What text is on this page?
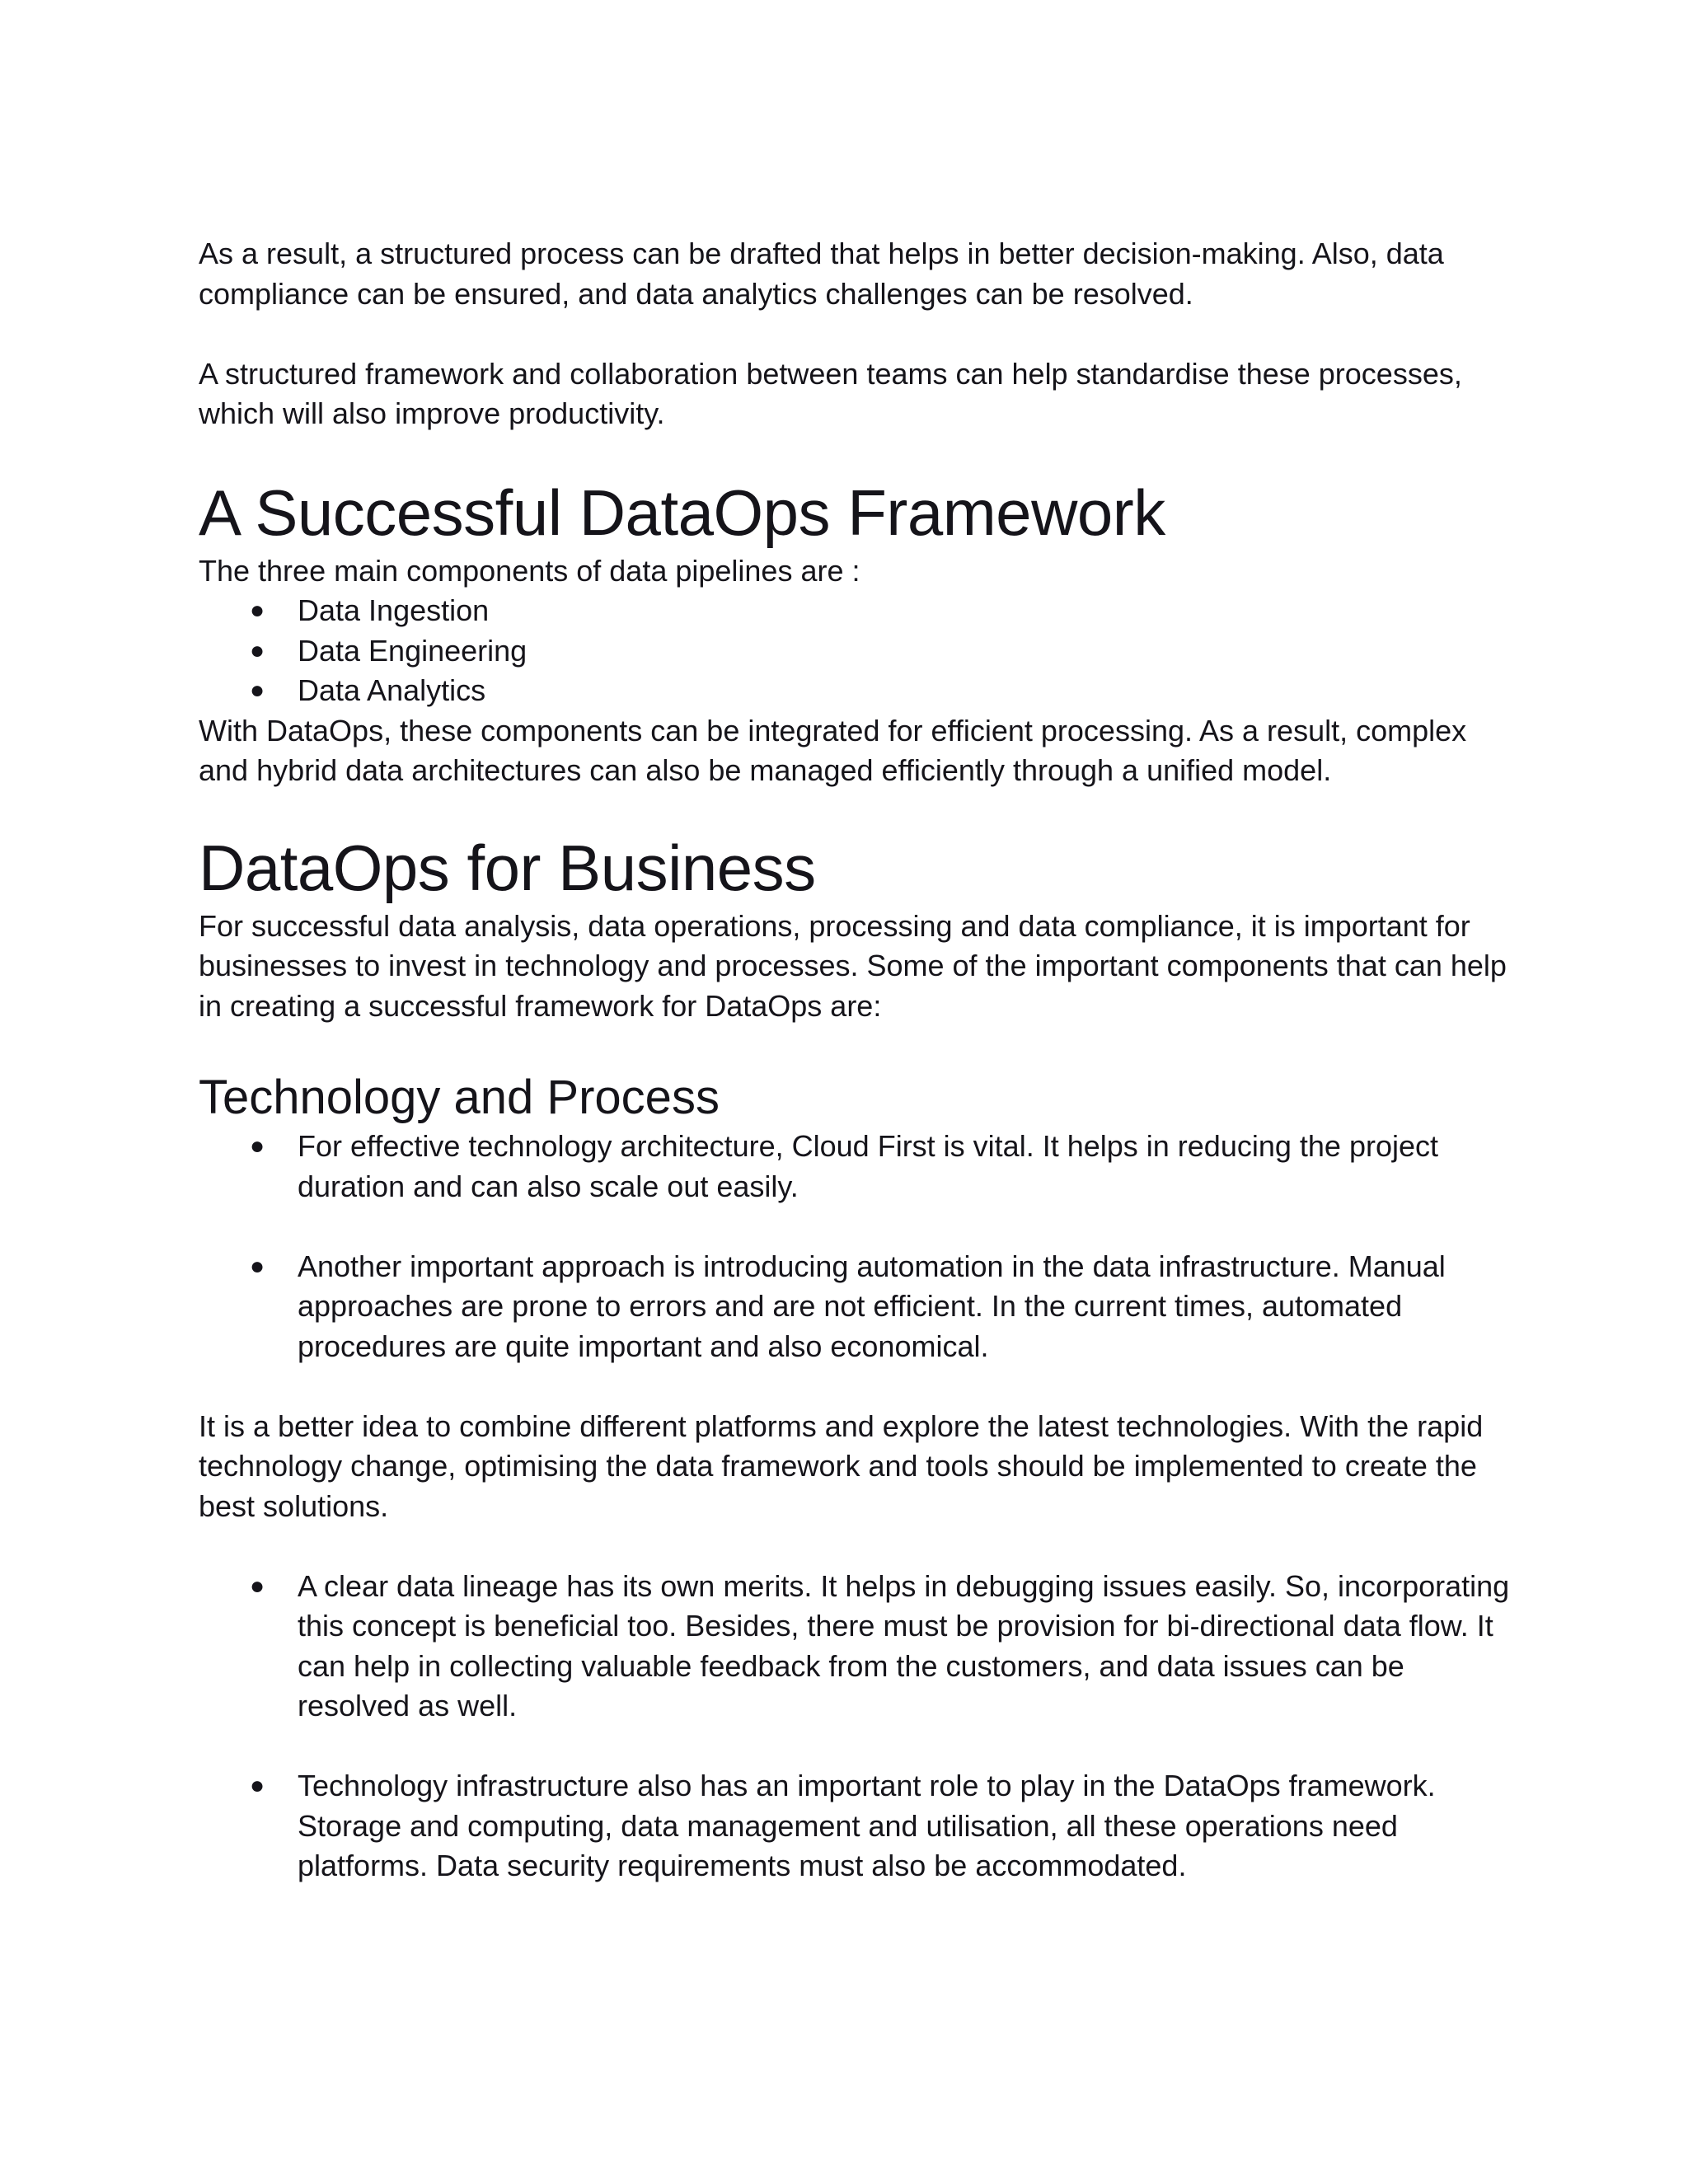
As a result, a structured process can be drafted that helps in better decision-making. Also, data compliance can be ensured, and data analytics challenges can be resolved.

A structured framework and collaboration between teams can help standardise these processes, which will also improve productivity.

A Successful DataOps Framework

The three main components of data pipelines are :

● Data Ingestion
● Data Engineering
● Data Analytics

With DataOps, these components can be integrated for efficient processing. As a result, complex and hybrid data architectures can also be managed efficiently through a unified model.

DataOps for Business

For successful data analysis, data operations, processing and data compliance, it is important for businesses to invest in technology and processes. Some of the important components that can help in creating a successful framework for DataOps are:

Technology and Process
● For effective technology architecture, Cloud First is vital. It helps in reducing the project duration and can also scale out easily.
● Another important approach is introducing automation in the data infrastructure. Manual approaches are prone to errors and are not efficient. In the current times, automated procedures are quite important and also economical.

It is a better idea to combine different platforms and explore the latest technologies. With the rapid technology change, optimising the data framework and tools should be implemented to create the best solutions.

● A clear data lineage has its own merits. It helps in debugging issues easily. So, incorporating this concept is beneficial too. Besides, there must be provision for bi-directional data flow. It can help in collecting valuable feedback from the customers, and data issues can be resolved as well.
● Technology infrastructure also has an important role to play in the DataOps framework. Storage and computing, data management and utilisation, all these operations need platforms. Data security requirements must also be accommodated.
